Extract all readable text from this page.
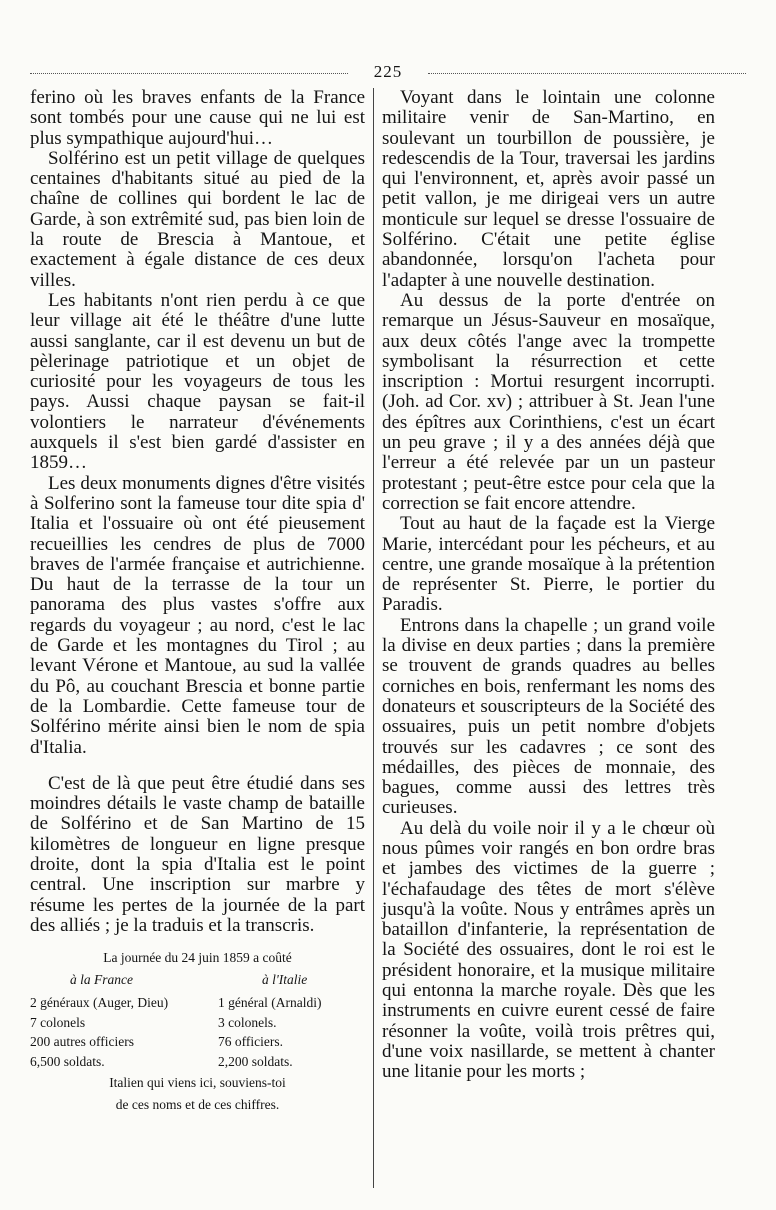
225

ferino où les braves enfants de la France sont tombés pour une cause qui ne lui est plus sympathique aujourd'hui…

Solférino est un petit village de quelques centaines d'habitants situé au pied de la chaîne de collines qui bordent le lac de Garde, à son extrêmité sud, pas bien loin de la route de Brescia à Mantoue, et exactement à égale distance de ces deux villes.

Les habitants n'ont rien perdu à ce que leur village ait été le théâtre d'une lutte aussi sanglante, car il est devenu un but de pèlerinage patriotique et un objet de curiosité pour les voyageurs de tous les pays. Aussi chaque paysan se fait-il volontiers le narrateur d'événements auxquels il s'est bien gardé d'assister en 1859…

Les deux monuments dignes d'être visités à Solferino sont la fameuse tour dite spia d' Italia et l'ossuaire où ont été pieusement recueillies les cendres de plus de 7000 braves de l'armée française et autrichienne. Du haut de la terrasse de la tour un panorama des plus vastes s'offre aux regards du voyageur ; au nord, c'est le lac de Garde et les montagnes du Tirol ; au levant Vérone et Mantoue, au sud la vallée du Pô, au couchant Brescia et bonne partie de la Lombardie. Cette fameuse tour de Solférino mérite ainsi bien le nom de spia d'Italia.

C'est de là que peut être étudié dans ses moindres détails le vaste champ de bataille de Solférino et de San Martino de 15 kilomètres de longueur en ligne presque droite, dont la spia d'Italia est le point central. Une inscription sur marbre y résume les pertes de la journée de la part des alliés ; je la traduis et la transcris.

La journée du 24 juin 1859 a coûté
à la France	à l'Italie
2 généraux (Auger, Dieu)	1 général (Arnaldi)
7 colonels	3 colonels.
200 autres officiers	76 officiers.
6,500 soldats.	2,200 soldats.
Italien qui viens ici, souviens-toi
de ces noms et de ces chiffres.

Voyant dans le lointain une colonne militaire venir de San-Martino, en soulevant un tourbillon de poussière, je redescendis de la Tour, traversai les jardins qui l'environnent, et, après avoir passé un petit vallon, je me dirigeai vers un autre monticule sur lequel se dresse l'ossuaire de Solférino. C'était une petite église abandonnée, lorsqu'on l'acheta pour l'adapter à une nouvelle destination.

Au dessus de la porte d'entrée on remarque un Jésus-Sauveur en mosaïque, aux deux côtés l'ange avec la trompette symbolisant la résurrection et cette inscription : Mortui resurgent incorrupti. (Joh. ad Cor. xv) ; attribuer à St. Jean l'une des épîtres aux Corinthiens, c'est un écart un peu grave ; il y a des années déjà que l'erreur a été relevée par un un pasteur protestant ; peut-être estce pour cela que la correction se fait encore attendre.

Tout au haut de la façade est la Vierge Marie, intercédant pour les pécheurs, et au centre, une grande mosaïque à la prétention de représenter St. Pierre, le portier du Paradis.

Entrons dans la chapelle ; un grand voile la divise en deux parties ; dans la première se trouvent de grands quadres au belles corniches en bois, renfermant les noms des donateurs et souscripteurs de la Société des ossuaires, puis un petit nombre d'objets trouvés sur les cadavres ; ce sont des médailles, des pièces de monnaie, des bagues, comme aussi des lettres très curieuses.

Au delà du voile noir il y a le chœur où nous pûmes voir rangés en bon ordre bras et jambes des victimes de la guerre ; l'échafaudage des têtes de mort s'élève jusqu'à la voûte. Nous y entrâmes après un bataillon d'infanterie, la représentation de la Société des ossuaires, dont le roi est le président honoraire, et la musique militaire qui entonna la marche royale. Dès que les instruments en cuivre eurent cessé de faire résonner la voûte, voilà trois prêtres qui, d'une voix nasillarde, se mettent à chanter une litanie pour les morts ;
